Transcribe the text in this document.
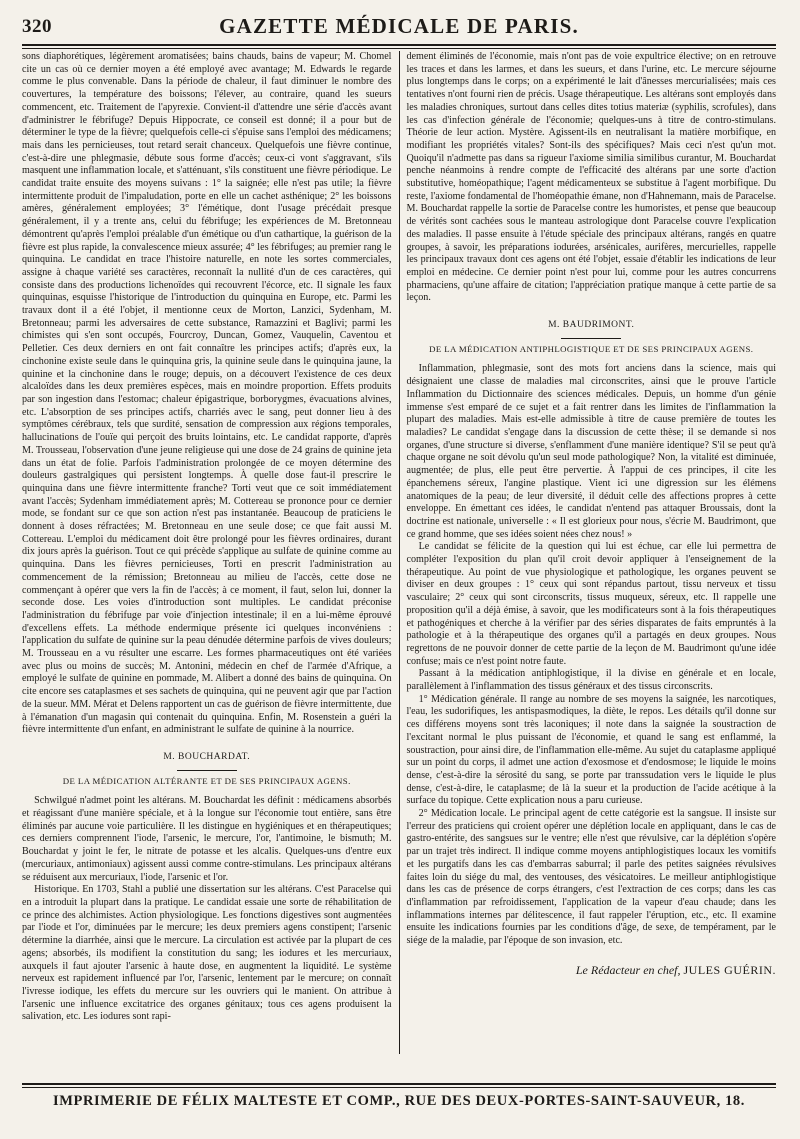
320	GAZETTE MÉDICALE DE PARIS.

sons diaphorétiques, légèrement aromatisées; bains chauds, bains de vapeur; M. Chomel cite un cas où ce dernier moyen a été employé avec avantage; M. Edwards le regarde comme le plus convenable. Dans la période de chaleur, il faut diminuer le nombre des couvertures, la température des boissons; l'élever, au contraire, quand les sueurs commencent, etc. Traitement de l'apyrexie. Convient-il d'attendre une série d'accès avant d'administrer le fébrifuge? Depuis Hippocrate, ce conseil est donné; il a pour but de déterminer le type de la fièvre; quelquefois celle-ci s'épuise sans l'emploi des médicamens; mais dans les pernicieuses, tout retard serait chanceux. Quelquefois une fièvre continue, c'est-à-dire une phlegmasie, débute sous forme d'accès; ceux-ci vont s'aggravant, s'ils masquent une inflammation locale, et s'atténuant, s'ils constituent une fièvre périodique. Le candidat traite ensuite des moyens suivans : 1° la saignée; elle n'est pas utile; la fièvre intermittente produit de l'impaludation, porte en elle un cachet asthénique; 2° les boissons amères, généralement employées; 3° l'émétique, dont l'usage précédait presque généralement, il y a trente ans, celui du fébrifuge; les expériences de M. Bretonneau démontrent qu'après l'emploi préalable d'un émétique ou d'un cathartique, la guérison de la fièvre est plus rapide, la convalescence mieux assurée; 4° les fébrifuges; au premier rang le quinquina. Le candidat en trace l'histoire naturelle, en note les sortes commerciales, assigne à chaque variété ses caractères, reconnaît la nullité d'un de ces caractères, qui consiste dans des productions lichenoïdes qui recouvrent l'écorce, etc. Il signale les faux quinquinas, esquisse l'historique de l'introduction du quinquina en Europe, etc. Parmi les travaux dont il a été l'objet, il mentionne ceux de Morton, Lanzici, Sydenham, M. Bretonneau; parmi les adversaires de cette substance, Ramazzini et Baglivi; parmi les chimistes qui s'en sont occupés, Fourcroy, Duncan, Gomez, Vauquelin, Caventou et Pelletier. Ces deux derniers en ont fait connaître les principes actifs; d'après eux, la cinchonine existe seule dans le quinquina gris, la quinine seule dans le quinquina jaune, la quinine et la cinchonine dans le rouge; depuis, on a découvert l'existence de ces deux alcaloïdes dans les deux premières espèces, mais en moindre proportion. Effets produits par son ingestion dans l'estomac; chaleur épigastrique, borborygmes, évacuations alvines, etc. L'absorption de ses principes actifs, charriés avec le sang, peut donner lieu à des symptômes cérébraux, tels que surdité, sensation de compression aux régions temporales, hallucinations de l'ouïe qui perçoit des bruits lointains, etc. Le candidat rapporte, d'après M. Trousseau, l'observation d'une jeune religieuse qui une dose de 24 grains de quinine jeta dans un état de folie. Parfois l'administration prolongée de ce moyen détermine des douleurs gastralgiques qui persistent longtemps. À quelle dose faut-il prescrire le quinquina dans une fièvre intermittente franche? Torti veut que ce soit immédiatement avant l'accès; Sydenham immédiatement après; M. Cottereau se prononce pour ce dernier mode, se fondant sur ce que son action n'est pas instantanée. Beaucoup de praticiens le donnent à doses réfractées; M. Bretonneau en une seule dose; ce que fait aussi M. Cottereau. L'emploi du médicament doit être prolongé pour les fièvres ordinaires, durant dix jours après la guérison. Tout ce qui précède s'applique au sulfate de quinine comme au quinquina. Dans les fièvres pernicieuses, Torti en prescrit l'administration au commencement de la rémission; Bretonneau au milieu de l'accès, cette dose ne commençant à opérer que vers la fin de l'accès; à ce moment, il faut, selon lui, donner la seconde dose. Les voies d'introduction sont multiples. Le candidat préconise l'administration du fébrifuge par voie d'injection intestinale; il en a lui-même éprouvé d'excellens effets. La méthode endermique présente ici quelques inconvéniens : l'application du sulfate de quinine sur la peau dénudée détermine parfois de vives douleurs; M. Trousseau en a vu résulter une escarre. Les formes pharmaceutiques ont été variées avec plus ou moins de succès; M. Antonini, médecin en chef de l'armée d'Afrique, a employé le sulfate de quinine en pommade, M. Alibert a donné des bains de quinquina. On cite encore ses cataplasmes et ses sachets de quinquina, qui ne peuvent agir que par l'action de la sueur. MM. Mérat et Delens rapportent un cas de guérison de fièvre intermittente, due à l'émanation d'un magasin qui contenait du quinquina. Enfin, M. Rosenstein a guéri la fièvre intermittente d'un enfant, en administrant le sulfate de quinine à la nourrice.

M. BOUCHARDAT.
DE LA MÉDICATION ALTÉRANTE ET DE SES PRINCIPAUX AGENS.

Schwilgué n'admet point les altérans. M. Bouchardat les définit : médicamens absorbés et réagissant d'une manière spéciale, et à la longue sur l'économie tout entière, sans être éliminés par aucune voie particulière. Il les distingue en hygiéniques et en thérapeutiques; ces derniers comprennent l'iode, l'arsenic, le mercure, l'or, l'antimoine, le bismuth; M. Bouchardat y joint le fer, le nitrate de potasse et les alcalis. Quelques-uns d'entre eux (mercuriaux, antimoniaux) agissent aussi comme contre-stimulans. Les principaux altérans se réduisent aux mercuriaux, l'iode, l'arsenic et l'or.

Historique. En 1703, Stahl a publié une dissertation sur les altérans. C'est Paracelse qui en a introduit la plupart dans la pratique. Le candidat essaie une sorte de réhabilitation de ce prince des alchimistes. Action physiologique. Les fonctions digestives sont augmentées par l'iode et l'or, diminuées par le mercure; les deux premiers agens constipent; l'arsenic détermine la diarrhée, ainsi que le mercure. La circulation est activée par la plupart de ces agens; absorbés, ils modifient la constitution du sang; les iodures et les mercuriaux, auxquels il faut ajouter l'arsenic à haute dose, en augmentent la liquidité. Le système nerveux est rapidement influencé par l'or, l'arsenic, lentement par le mercure; on connaît l'ivresse iodique, les effets du mercure sur les ouvriers qui le manient. On attribue à l'arsenic une influence excitatrice des organes génitaux; tous ces agens produisent la salivation, etc. Les iodures sont rapi-

dement éliminés de l'économie, mais n'ont pas de voie expultrice élective; on en retrouve les traces et dans les larmes, et dans les sueurs, et dans l'urine, etc. Le mercure séjourne plus longtemps dans le corps; on a expérimenté le lait d'ânesses mercurialisées; mais ces tentatives n'ont fourni rien de précis. Usage thérapeutique. Les altérans sont employés dans les maladies chroniques, surtout dans celles dites totius materiæ (syphilis, scrofules), dans les cas d'infection générale de l'économie; quelques-uns à titre de contro-stimulans. Théorie de leur action. Mystère. Agissent-ils en neutralisant la matière morbifique, en modifiant les propriétés vitales? Sont-ils des spécifiques? Mais ceci n'est qu'un mot. Quoiqu'il n'admette pas dans sa rigueur l'axiome similia similibus curantur, M. Bouchardat penche néanmoins à rendre compte de l'efficacité des altérans par une sorte d'action substitutive, homéopathique; l'agent médicamenteux se substitue à l'agent morbifique. Du reste, l'axiome fondamental de l'homéopathie émane, non d'Hahnemann, mais de Paracelse. M. Bouchardat rappelle la sortie de Paracelse contre les humoristes, et pense que beaucoup de vérités sont cachées sous le manteau astrologique dont Paracelse couvre l'explication des maladies. Il passe ensuite à l'étude spéciale des principaux altérans, rangés en quatre groupes, à savoir, les préparations iodurées, arsénicales, aurifères, mercurielles, rappelle les principaux travaux dont ces agens ont été l'objet, essaie d'établir les indications de leur emploi en médecine. Ce dernier point n'est pour lui, comme pour les autres concurrens pharmaciens, qu'une affaire de citation; l'appréciation pratique manque à cette partie de sa leçon.

M. BAUDRIMONT.
DE LA MÉDICATION ANTIPHLOGISTIQUE ET DE SES PRINCIPAUX AGENS.

Inflammation, phlegmasie, sont des mots fort anciens dans la science, mais qui désignaient une classe de maladies mal circonscrites, ainsi que le prouve l'article Inflammation du Dictionnaire des sciences médicales. Depuis, un homme d'un génie immense s'est emparé de ce sujet et a fait rentrer dans les limites de l'inflammation la plupart des maladies. Mais est-elle admissible à titre de cause première de toutes les maladies? Le candidat s'engage dans la discussion de cette thèse; il se demande si nos organes, d'une structure si diverse, s'enflamment d'une manière identique? S'il se peut qu'à chaque organe ne soit dévolu qu'un seul mode pathologique? Non, la vitalité est diminuée, augmentée; de plus, elle peut être pervertie. À l'appui de ces principes, il cite les épanchemens séreux, l'angine plastique. Vient ici une digression sur les élémens anatomiques de la peau; de leur diversité, il déduit celle des affections propres à cette enveloppe. En émettant ces idées, le candidat n'entend pas attaquer Broussais, dont la doctrine est nationale, universelle : « Il est glorieux pour nous, s'écrie M. Baudrimont, que ce grand homme, que ses idées soient nées chez nous! »

Le candidat se félicite de la question qui lui est échue, car elle lui permettra de compléter l'exposition du plan qu'il croit devoir appliquer à l'enseignement de la thérapeutique. Au point de vue physiologique et pathologique, les organes peuvent se diviser en deux groupes : 1° ceux qui sont répandus partout, tissu nerveux et tissu vasculaire; 2° ceux qui sont circonscrits, tissus muqueux, séreux, etc. Il rappelle une proposition qu'il a déjà émise, à savoir, que les modificateurs sont à la fois thérapeutiques et pathogéniques et cherche à la vérifier par des séries disparates de faits empruntés à la pathologie et à la thérapeutique des organes qu'il a partagés en deux groupes. Nous regrettons de ne pouvoir donner de cette partie de la leçon de M. Baudrimont qu'une idée confuse; mais ce n'est point notre faute.

Passant à la médication antiphlogistique, il la divise en générale et en locale, parallèlement à l'inflammation des tissus généraux et des tissus circonscrits.

1° Médication générale. Il range au nombre de ses moyens la saignée, les narcotiques, l'eau, les sudorifiques, les antispasmodiques, la diète, le repos. Les détails qu'il donne sur ces différens moyens sont très laconiques; il note dans la saignée la soustraction de l'excitant normal le plus puissant de l'économie, et quand le sang est enflammé, la soustraction, pour ainsi dire, de l'inflammation elle-même. Au sujet du cataplasme appliqué sur un point du corps, il admet une action d'exosmose et d'endosmose; le liquide le moins dense, c'est-à-dire la sérosité du sang, se porte par transsudation vers le liquide le plus dense, c'est-à-dire, le cataplasme; de là la sueur et la production de l'acide acétique à la surface du topique. Cette explication nous a paru curieuse.

2° Médication locale. Le principal agent de cette catégorie est la sangsue. Il insiste sur l'erreur des praticiens qui croient opérer une déplétion locale en appliquant, dans le cas de gastro-entérite, des sangsues sur le ventre; elle n'est que révulsive, car la déplétion s'opère par un trajet très indirect. Il indique comme moyens antiphlogistiques locaux les vomitifs et les purgatifs dans les cas d'embarras saburral; il parle des petites saignées révulsives faites loin du siége du mal, des ventouses, des vésicatoires. Le meilleur antiphlogistique dans les cas de présence de corps étrangers, c'est l'extraction de ces corps; dans les cas d'inflammation par refroidissement, l'application de la vapeur d'eau chaude; dans les inflammations internes par délitescence, il faut rappeler l'éruption, etc., etc. Il examine ensuite les indications fournies par les conditions d'âge, de sexe, de tempérament, par le siége de la maladie, par l'époque de son invasion, etc.

Le Rédacteur en chef, JULES GUÉRIN.
IMPRIMERIE DE FÉLIX MALTESTE ET COMP., RUE DES DEUX-PORTES-SAINT-SAUVEUR, 18.
